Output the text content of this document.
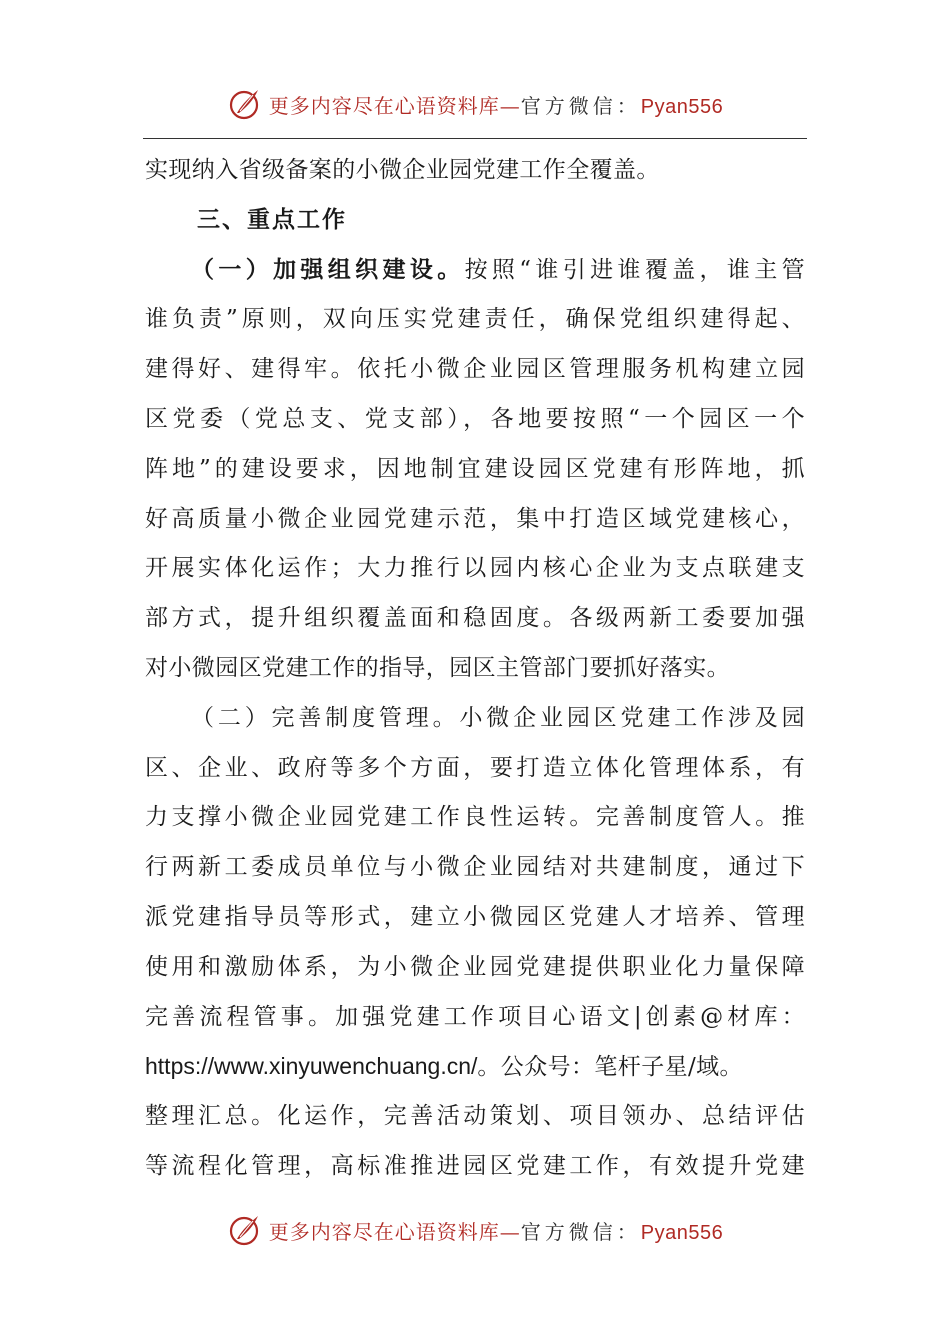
更多内容尽在心语资料库—官方微信：Pyan556
实现纳入省级备案的小微企业园党建工作全覆盖。
三、重点工作
（一）加强组织建设。按照“谁引进谁覆盖，谁主管
谁负责”原则，双向压实党建责任，确保党组织建得起、
建得好、建得牢。依托小微企业园区管理服务机构建立园
区党委（党总支、党支部），各地要按照“一个园区一个
阵地”的建设要求，因地制宜建设园区党建有形阵地，抓
好高质量小微企业园党建示范，集中打造区域党建核心，
开展实体化运作；大力推行以园内核心企业为支点联建支
部方式，提升组织覆盖面和稳固度。各级两新工委要加强
对小微园区党建工作的指导，园区主管部门要抓好落实。
（二）完善制度管理。小微企业园区党建工作涉及园
区、企业、政府等多个方面，要打造立体化管理体系，有
力支撑小微企业园党建工作良性运转。完善制度管人。推
行两新工委成员单位与小微企业园结对共建制度，通过下
派党建指导员等形式，建立小微园区党建人才培养、管理
使用和激励体系，为小微企业园党建提供职业化力量保障
完善流程管事。加强党建工作项目心语文|创素@材库：
https://www.xinyuwenchuang.cn/。公众号：笔杆子星/域。
整理汇总。化运作，完善活动策划、项目领办、总结评估
等流程化管理，高标准推进园区党建工作，有效提升党建
更多内容尽在心语资料库—官方微信：Pyan556
